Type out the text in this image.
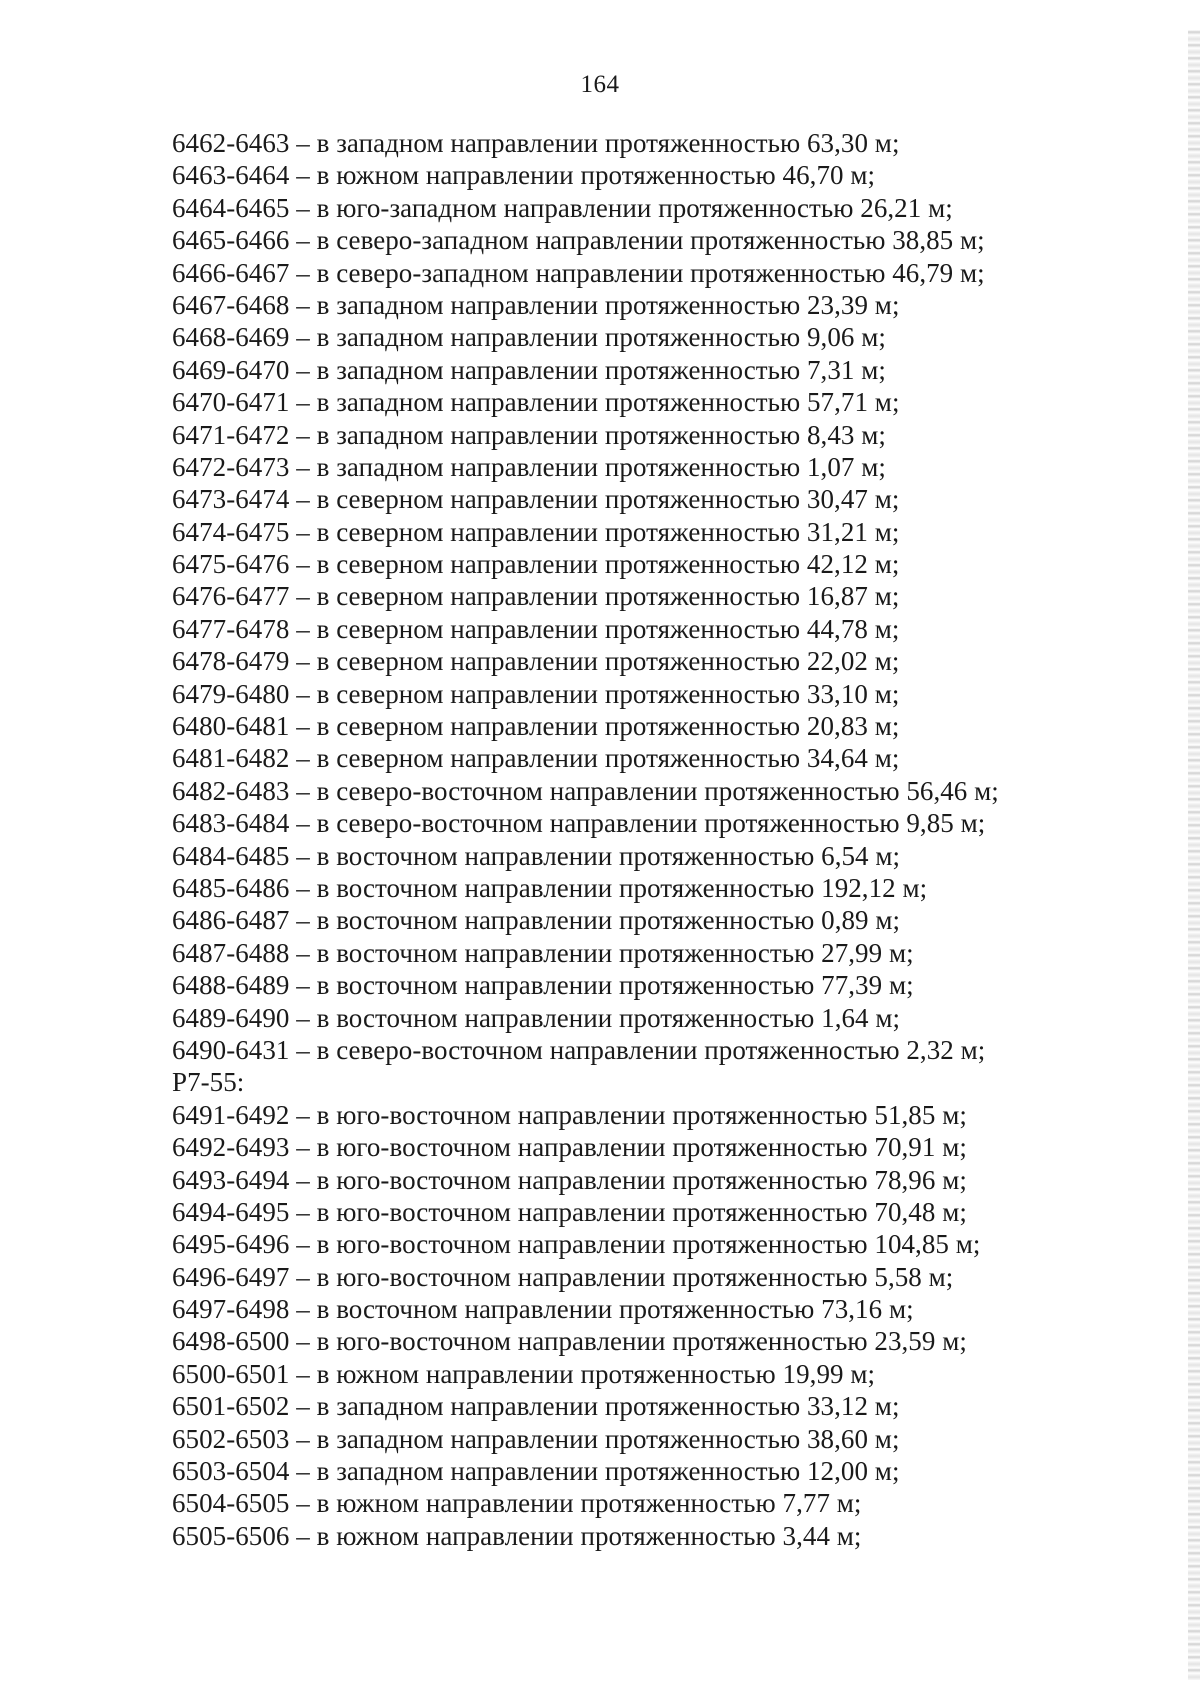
164
6462-6463 – в западном направлении протяженностью 63,30 м;
6463-6464 – в южном направлении протяженностью 46,70 м;
6464-6465 – в юго-западном направлении протяженностью 26,21 м;
6465-6466 – в северо-западном направлении протяженностью 38,85 м;
6466-6467 – в северо-западном направлении протяженностью 46,79 м;
6467-6468 – в западном направлении протяженностью 23,39 м;
6468-6469 – в западном направлении протяженностью 9,06 м;
6469-6470 – в западном направлении протяженностью 7,31 м;
6470-6471 – в западном направлении протяженностью 57,71 м;
6471-6472 – в западном направлении протяженностью 8,43 м;
6472-6473 – в западном направлении протяженностью 1,07 м;
6473-6474 – в северном направлении протяженностью 30,47 м;
6474-6475 – в северном направлении протяженностью 31,21 м;
6475-6476 – в северном направлении протяженностью 42,12 м;
6476-6477 – в северном направлении протяженностью 16,87 м;
6477-6478 – в северном направлении протяженностью 44,78 м;
6478-6479 – в северном направлении протяженностью 22,02 м;
6479-6480 – в северном направлении протяженностью 33,10 м;
6480-6481 – в северном направлении протяженностью 20,83 м;
6481-6482 – в северном направлении протяженностью 34,64 м;
6482-6483 – в северо-восточном направлении протяженностью 56,46 м;
6483-6484 – в северо-восточном направлении протяженностью 9,85 м;
6484-6485 – в восточном направлении протяженностью 6,54 м;
6485-6486 – в восточном направлении протяженностью 192,12 м;
6486-6487 – в восточном направлении протяженностью 0,89 м;
6487-6488 – в восточном направлении протяженностью 27,99 м;
6488-6489 – в восточном направлении протяженностью 77,39 м;
6489-6490 – в восточном направлении протяженностью 1,64 м;
6490-6431 – в северо-восточном направлении протяженностью 2,32 м;
Р7-55:
6491-6492 – в юго-восточном направлении протяженностью 51,85 м;
6492-6493 – в юго-восточном направлении протяженностью 70,91 м;
6493-6494 – в юго-восточном направлении протяженностью 78,96 м;
6494-6495 – в юго-восточном направлении протяженностью 70,48 м;
6495-6496 – в юго-восточном направлении протяженностью 104,85 м;
6496-6497 – в юго-восточном направлении протяженностью 5,58 м;
6497-6498 – в восточном направлении протяженностью 73,16 м;
6498-6500 – в юго-восточном направлении протяженностью 23,59 м;
6500-6501 – в южном направлении протяженностью 19,99 м;
6501-6502 – в западном направлении протяженностью 33,12 м;
6502-6503 – в западном направлении протяженностью 38,60 м;
6503-6504 – в западном направлении протяженностью 12,00 м;
6504-6505 – в южном направлении протяженностью 7,77 м;
6505-6506 – в южном направлении протяженностью 3,44 м;
